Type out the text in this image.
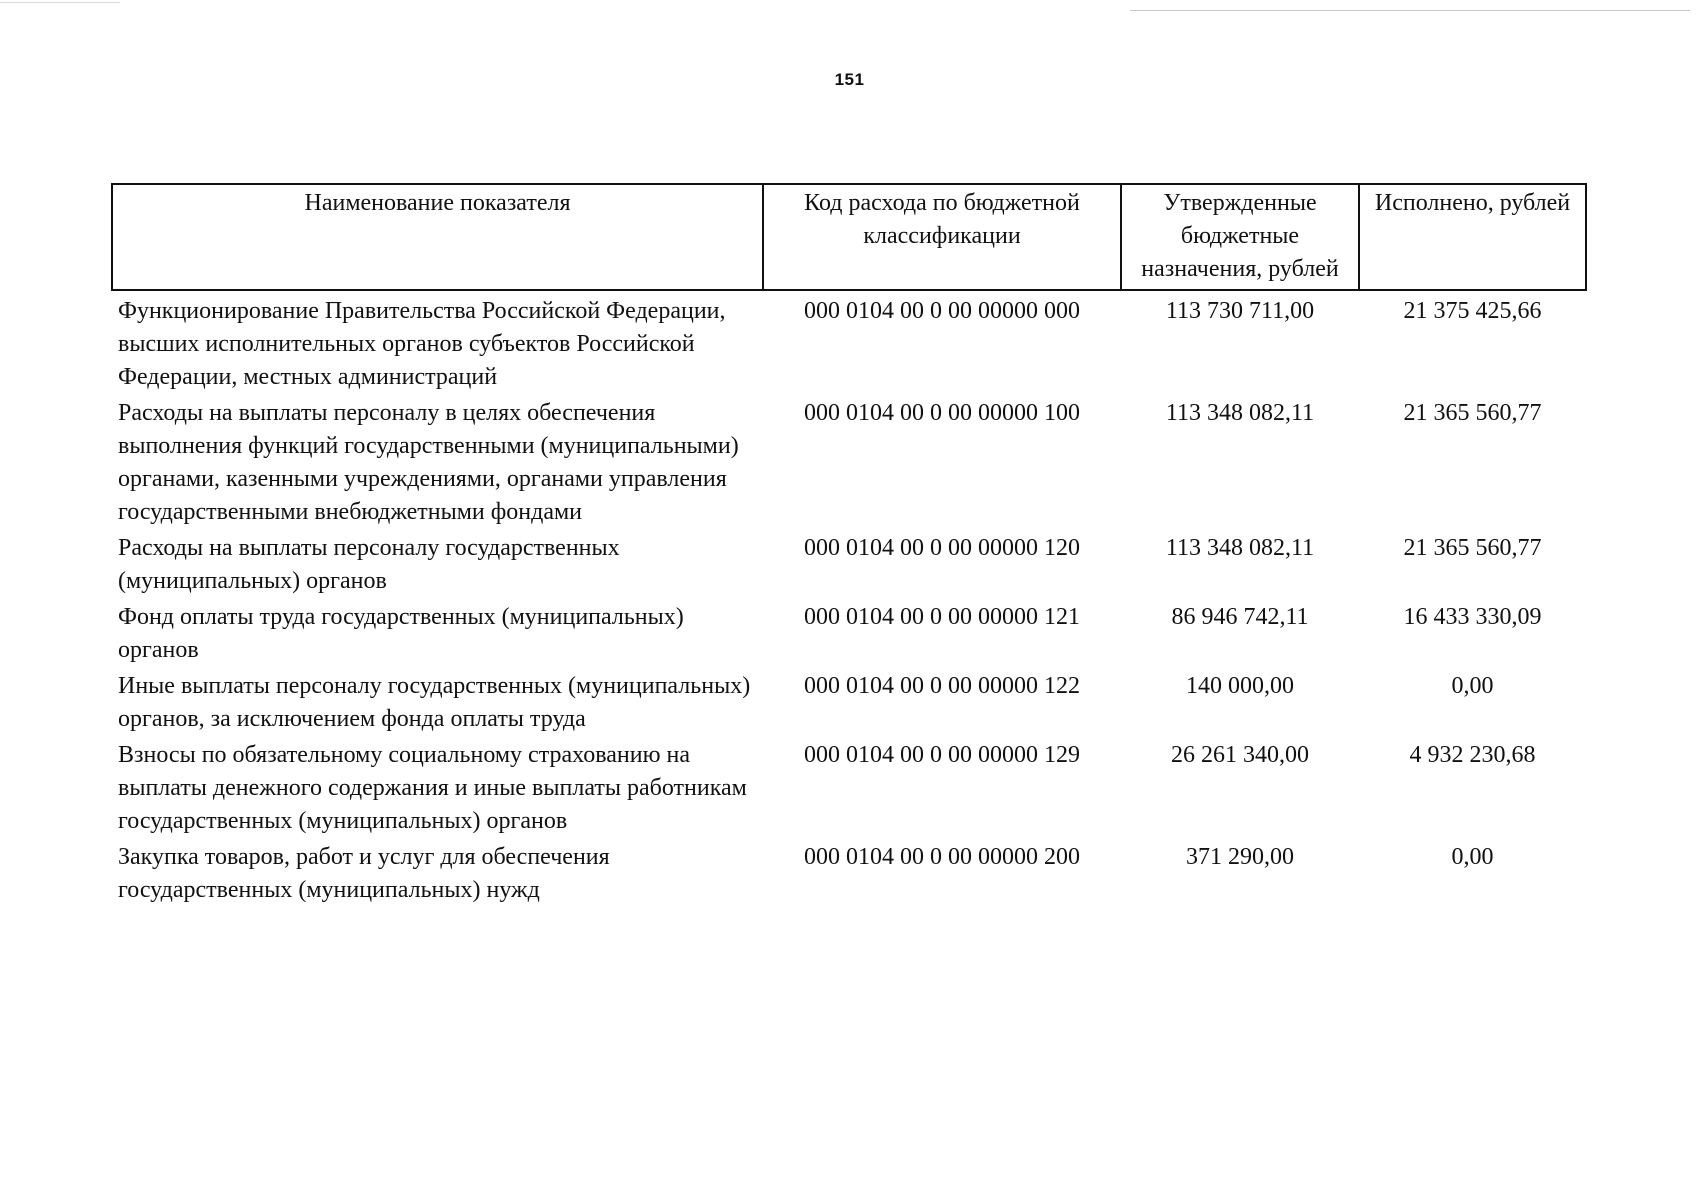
151
Наименование показателя	Код расхода по бюджетной классификации	Утвержденные бюджетные назначения, рублей	Исполнено, рублей
Функционирование Правительства Российской Федерации, высших исполнительных органов субъектов Российской Федерации, местных администраций	000 0104 00 0 00 00000 000	113 730 711,00	21 375 425,66
Расходы на выплаты персоналу в целях обеспечения выполнения функций государственными (муниципальными) органами, казенными учреждениями, органами управления государственными внебюджетными фондами	000 0104 00 0 00 00000 100	113 348 082,11	21 365 560,77
Расходы на выплаты персоналу государственных (муниципальных) органов	000 0104 00 0 00 00000 120	113 348 082,11	21 365 560,77
Фонд оплаты труда государственных (муниципальных) органов	000 0104 00 0 00 00000 121	86 946 742,11	16 433 330,09
Иные выплаты персоналу государственных (муниципальных) органов, за исключением фонда оплаты труда	000 0104 00 0 00 00000 122	140 000,00	0,00
Взносы по обязательному социальному страхованию на выплаты денежного содержания и иные выплаты работникам государственных (муниципальных) органов	000 0104 00 0 00 00000 129	26 261 340,00	4 932 230,68
Закупка товаров, работ и услуг для обеспечения государственных (муниципальных) нужд	000 0104 00 0 00 00000 200	371 290,00	0,00
